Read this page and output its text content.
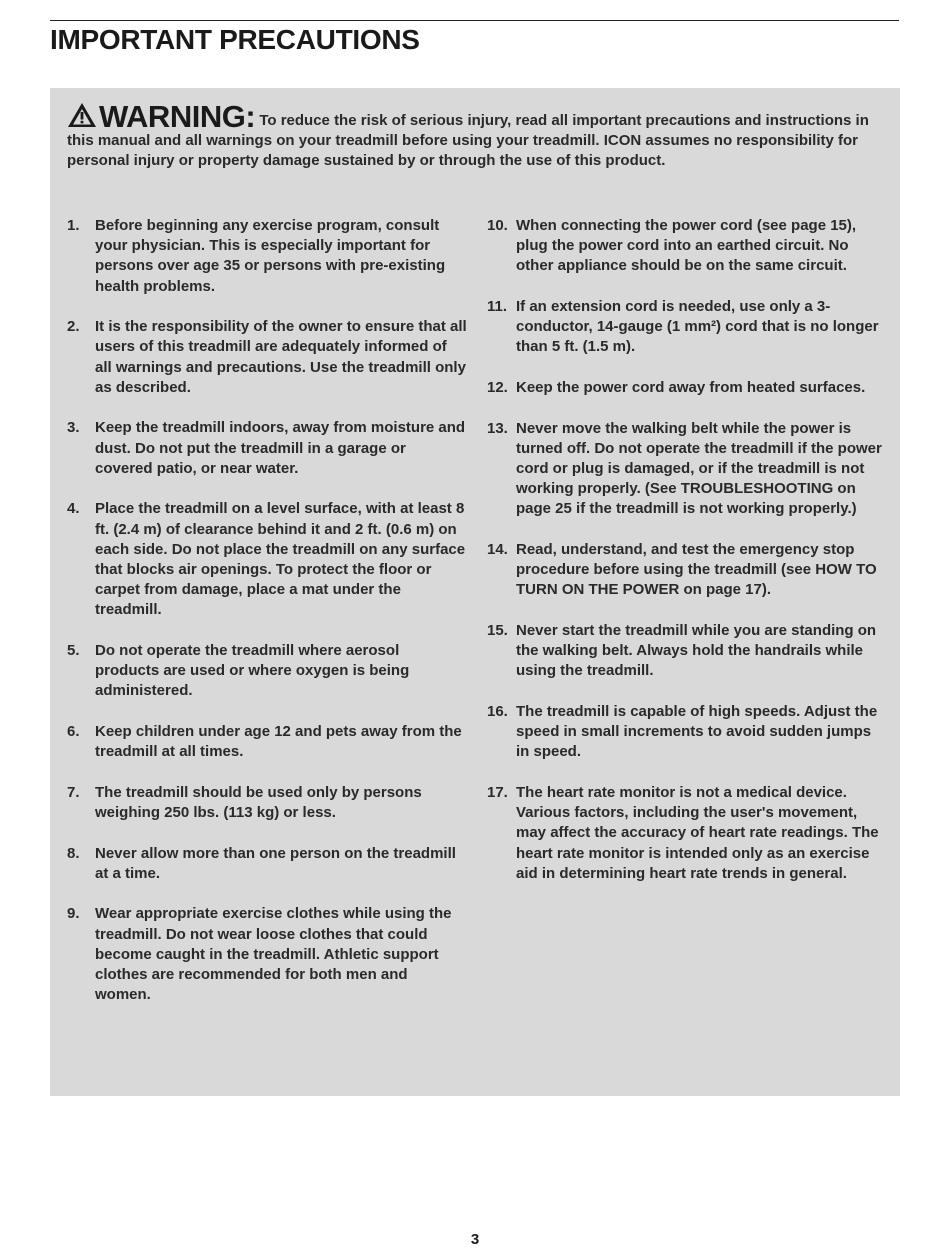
IMPORTANT PRECAUTIONS
WARNING: To reduce the risk of serious injury, read all important precautions and instructions in this manual and all warnings on your treadmill before using your treadmill. ICON assumes no responsibility for personal injury or property damage sustained by or through the use of this product.
1.	Before beginning any exercise program, consult your physician. This is especially important for persons over age 35 or persons with pre-existing health problems.
2.	It is the responsibility of the owner to ensure that all users of this treadmill are adequately informed of all warnings and precautions. Use the treadmill only as described.
3.	Keep the treadmill indoors, away from moisture and dust. Do not put the treadmill in a garage or covered patio, or near water.
4.	Place the treadmill on a level surface, with at least 8 ft. (2.4 m) of clearance behind it and 2 ft. (0.6 m) on each side. Do not place the treadmill on any surface that blocks air openings. To protect the floor or carpet from damage, place a mat under the treadmill.
5.	Do not operate the treadmill where aerosol products are used or where oxygen is being administered.
6.	Keep children under age 12 and pets away from the treadmill at all times.
7.	The treadmill should be used only by persons weighing 250 lbs. (113 kg) or less.
8.	Never allow more than one person on the treadmill at a time.
9.	Wear appropriate exercise clothes while using the treadmill. Do not wear loose clothes that could become caught in the treadmill. Athletic support clothes are recommended for both men and women.
10. When connecting the power cord (see page 15), plug the power cord into an earthed circuit. No other appliance should be on the same circuit.
11. If an extension cord is needed, use only a 3-conductor, 14-gauge (1 mm²) cord that is no longer than 5 ft. (1.5 m).
12. Keep the power cord away from heated surfaces.
13. Never move the walking belt while the power is turned off. Do not operate the treadmill if the power cord or plug is damaged, or if the treadmill is not working properly. (See TROUBLESHOOTING on page 25 if the treadmill is not working properly.)
14. Read, understand, and test the emergency stop procedure before using the treadmill (see HOW TO TURN ON THE POWER on page 17).
15. Never start the treadmill while you are standing on the walking belt. Always hold the handrails while using the treadmill.
16. The treadmill is capable of high speeds. Adjust the speed in small increments to avoid sudden jumps in speed.
17. The heart rate monitor is not a medical device. Various factors, including the user's movement, may affect the accuracy of heart rate readings. The heart rate monitor is intended only as an exercise aid in determining heart rate trends in general.
3
